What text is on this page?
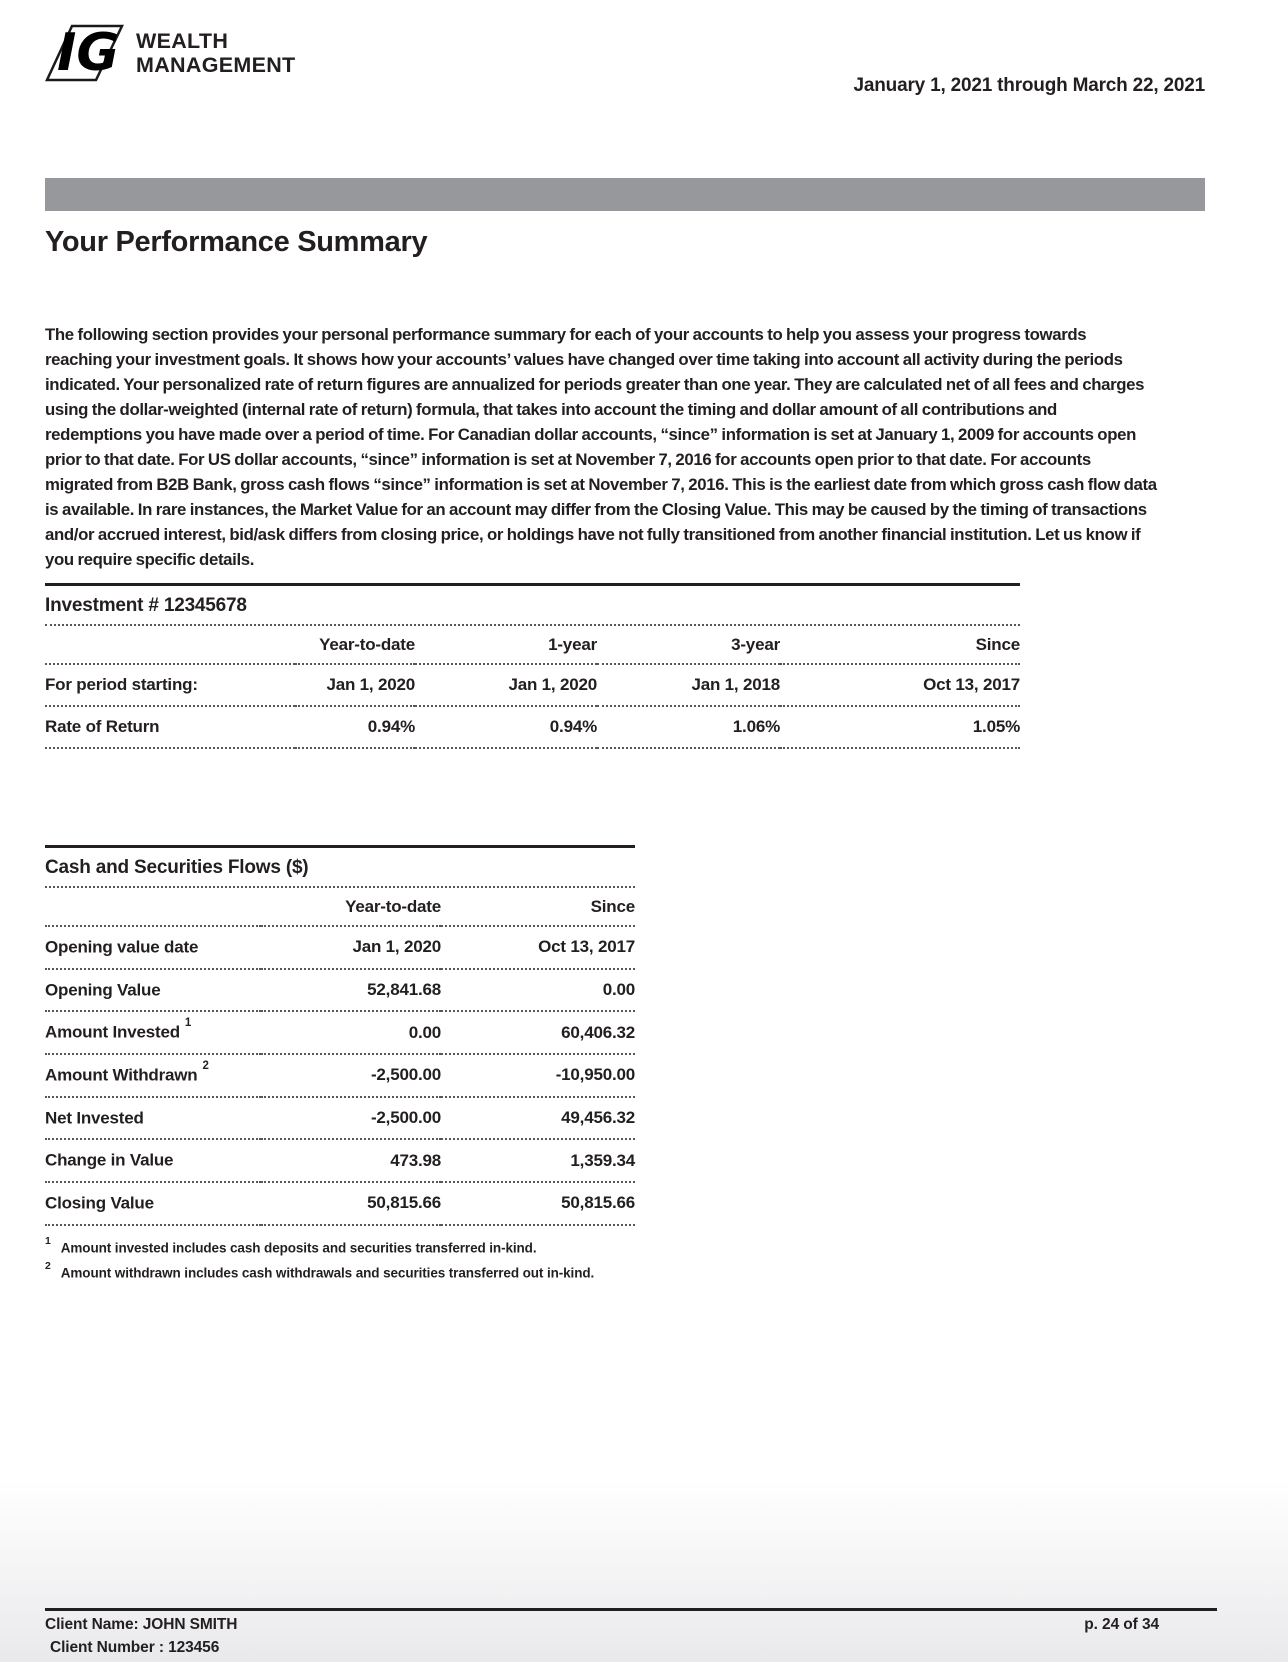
IG WEALTH
MANAGEMENT
January 1, 2021 through March 22, 2021
Your Performance Summary

The following section provides your personal performance summary for each of your accounts to help you assess your progress towards reaching your investment goals. It shows how your accounts’ values have changed over time taking into account all activity during the periods indicated. Your personalized rate of return figures are annualized for periods greater than one year. They are calculated net of all fees and charges using the dollar-weighted (internal rate of return) formula, that takes into account the timing and dollar amount of all contributions and redemptions you have made over a period of time. For Canadian dollar accounts, “since” information is set at January 1, 2009 for accounts open prior to that date. For US dollar accounts, “since” information is set at November 7, 2016 for accounts open prior to that date. For accounts migrated from B2B Bank, gross cash flows “since” information is set at November 7, 2016. This is the earliest date from which gross cash flow data is available. In rare instances, the Market Value for an account may differ from the Closing Value. This may be caused by the timing of transactions and/or accrued interest, bid/ask differs from closing price, or holdings have not fully transitioned from another financial institution. Let us know if you require specific details.

Investment # 12345678
	Year-to-date	1-year	3-year	Since
For period starting:	Jan 1, 2020	Jan 1, 2020	Jan 1, 2018	Oct 13, 2017
Rate of Return	0.94%	0.94%	1.06%	1.05%
Cash and Securities Flows ($)
	Year-to-date	Since
Opening value date	Jan 1, 2020	Oct 13, 2017
Opening Value	52,841.68	0.00
Amount Invested $^1$	0.00	60,406.32
Amount Withdrawn $^2$	-2,500.00	-10,950.00
Net Invested	-2,500.00	49,456.32
Change in Value	473.98	1,359.34
Closing Value	50,815.66	50,815.66
$^1$ Amount invested includes cash deposits and securities transferred in-kind.
$^2$ Amount withdrawn includes cash withdrawals and securities transferred out in-kind.
Client Name: JOHN SMITH
Client Number : 123456
p. 24 of 34
